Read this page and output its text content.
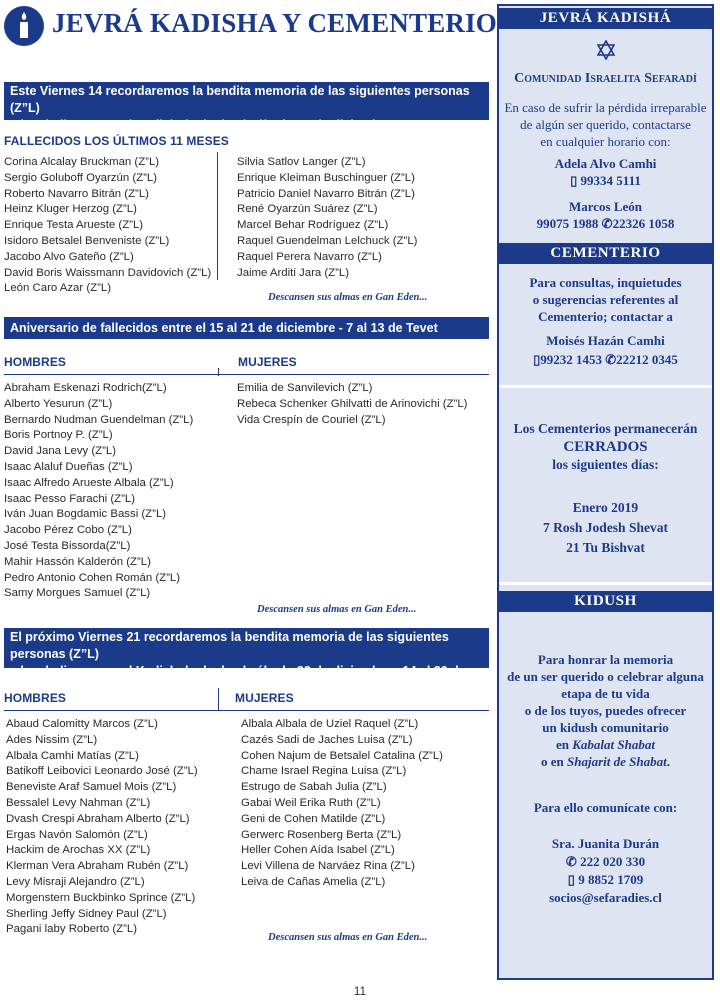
JEVRÁ KADISHA Y CEMENTERIO
Este Viernes 14 recordaremos la bendita memoria de las siguientes personas (Z”L)
y les dedicaremos el Kadish de duelo el sábado 15 de diciembre
FALLECIDOS LOS ÚLTIMOS 11 MESES
Corina Alcalay Bruckman (Z”L)
Sergio Goluboff Oyarzún (Z”L)
Roberto Navarro Bitrán (Z”L)
Heinz Kluger Herzog (Z”L)
Enrique Testa Arueste (Z”L)
Isidoro Betsalel Benveniste (Z”L)
Jacobo Alvo Gateño (Z”L)
David Boris Waissmann Davidovich (Z”L)
León Caro Azar (Z”L)
Silvia Satlov Langer (Z”L)
Enrique Kleiman Buschinguer (Z”L)
Patricio Daniel Navarro Bitrán (Z”L)
René Oyarzún Suárez (Z”L)
Marcel Behar Rodríguez (Z”L)
Raquel Guendelman Lelchuck (Z”L)
Raquel Perera Navarro (Z”L)
Jaime Arditi Jara (Z”L)
Descansen sus almas en Gan Eden...
Aniversario de fallecidos entre el 15 al 21 de diciembre - 7 al 13 de Tevet
HOMBRES	MUJERES
Abraham Eskenazi Rodrich(Z”L)
Alberto Yesurun (Z”L)
Bernardo Nudman Guendelman (Z”L)
Boris Portnoy P. (Z”L)
David Jana Levy (Z”L)
Isaac Alaluf Dueñas (Z”L)
Isaac Alfredo Arueste Albala (Z”L)
Isaac Pesso Farachi (Z”L)
Iván Juan Bogdamic Bassi (Z”L)
Jacobo Pérez Cobo (Z”L)
José Testa Bissorda(Z”L)
Mahir Hassón Kalderón (Z”L)
Pedro Antonio Cohen Román (Z”L)
Samy Morgues Samuel (Z”L)
Emilia de Sanvilevich (Z”L)
Rebeca Schenker Ghilvatti de Arinovichi (Z”L)
Vida Crespín de Couriel (Z”L)
Descansen sus almas en Gan Eden...
El próximo Viernes 21 recordaremos la bendita memoria de las siguientes personas (Z”L)
y les dedicaremos el Kadish de duelo el sábado 22 de diciembre - 14 al 20 de Tevet
HOMBRES	MUJERES
Abaud Calomitty Marcos (Z”L)
Ades Nissim (Z”L)
Albala Camhi Matías (Z”L)
Batikoff Leibovici Leonardo José (Z”L)
Beneviste Araf Samuel Mois (Z”L)
Bessalel Levy Nahman (Z”L)
Dvash Crespi Abraham Alberto (Z”L)
Ergas Navón Salomón (Z”L)
Hackim de Arochas XX (Z”L)
Klerman Vera Abraham Rubén (Z”L)
Levy Misraji Alejandro (Z”L)
Morgenstern Buckbinko Sprince (Z”L)
Sherling Jeffy Sidney Paul (Z”L)
Pagani laby Roberto (Z”L)
Albala Albala de Uziel Raquel (Z”L)
Cazés Sadi de Jaches Luisa (Z”L)
Cohen Najum de Betsalel Catalina (Z”L)
Chame Israel Regina Luisa (Z”L)
Estrugo de Sabah Julia (Z”L)
Gabai Weil Erika Ruth (Z”L)
Geni de Cohen Matilde (Z”L)
Gerwerc Rosenberg Berta (Z”L)
Heller Cohen Aída Isabel (Z”L)
Levi Villena de Narváez Rina (Z”L)
Leiva de Cañas Amelia (Z”L)
Descansen sus almas en Gan Eden...
JEVRÁ KADISHÁ
Comunidad Israelita Sefaradí
En caso de sufrir la pérdida irreparable
de algún ser querido, contactarse
en cualquier horario con:
Adela Alvo Camhi
▯ 99334 5111
Marcos León
99075 1988 ✆22326 1058
CEMENTERIO
Para consultas, inquietudes
o sugerencias referentes al
Cementerio; contactar a
Moisés Hazán Camhi
▯99232 1453 ✆22212 0345
Los Cementerios permanecerán
CERRADOS
los siguientes días:
Enero 2019
7 Rosh Jodesh Shevat
21 Tu Bishvat
KIDUSH
Para honrar la memoria
de un ser querido o celebrar alguna
etapa de tu vida
o de los tuyos, puedes ofrecer
un kidush comunitario
en Kabalat Shabat
o en Shajarit de Shabat.
Para ello comunícate con:
Sra. Juanita Durán
✆ 222 020 330
▯ 9 8852 1709
socios@sefaradies.cl
11
